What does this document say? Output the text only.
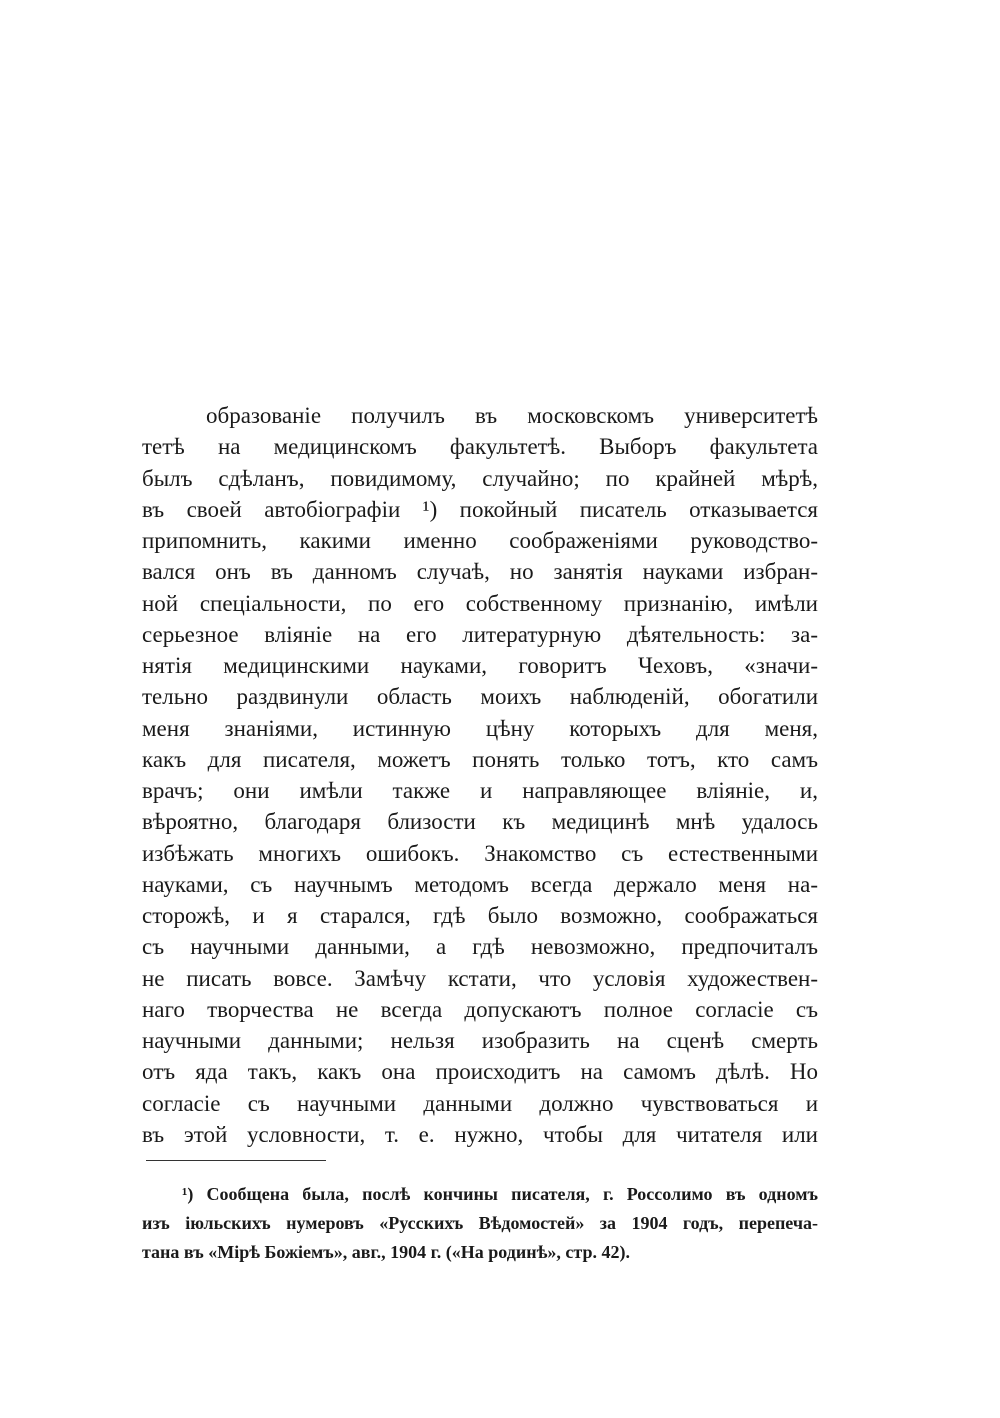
образованіе получилъ въ московскомъ университетѣ
тетѣ на медицинскомъ факультетѣ. Выборъ факультета
былъ сдѣланъ, повидимому, случайно; по крайней мѣрѣ,
въ своей автобіографіи ¹) покойный писатель отказывается
припомнить, какими именно соображеніями руководство-
вался онъ въ данномъ случаѣ, но занятія науками избран-
ной спеціальности, по его собственному признанію, имѣли
серьезное вліяніе на его литературную дѣятельность: за-
нятія медицинскими науками, говоритъ Чеховъ, «значи-
тельно раздвинули область моихъ наблюденій, обогатили
меня знаніями, истинную цѣну которыхъ для меня,
какъ для писателя, можетъ понять только тотъ, кто самъ
врачъ; они имѣли также и направляющее вліяніе, и,
вѣроятно, благодаря близости къ медицинѣ мнѣ удалось
избѣжать многихъ ошибокъ. Знакомство съ естественными
науками, съ научнымъ методомъ всегда держало меня на-
сторожѣ, и я старался, гдѣ было возможно, соображаться
съ научными данными, а гдѣ невозможно, предпочиталъ
не писать вовсе. Замѣчу кстати, что условія художествен-
наго творчества не всегда допускаютъ полное согласіе съ
научными данными; нельзя изобразить на сценѣ смерть
отъ яда такъ, какъ она происходитъ на самомъ дѣлѣ. Но
согласіе съ научными данными должно чувствоваться и
въ этой условности, т. е. нужно, чтобы для читателя или
¹) Сообщена была, послѣ кончины писателя, г. Россолимо въ одномъ
изъ іюльскихъ нумеровъ «Русскихъ Вѣдомостей» за 1904 годъ, перепеча-
тана въ «Мірѣ Божіемъ», авг., 1904 г. («На родинѣ», стр. 42).
